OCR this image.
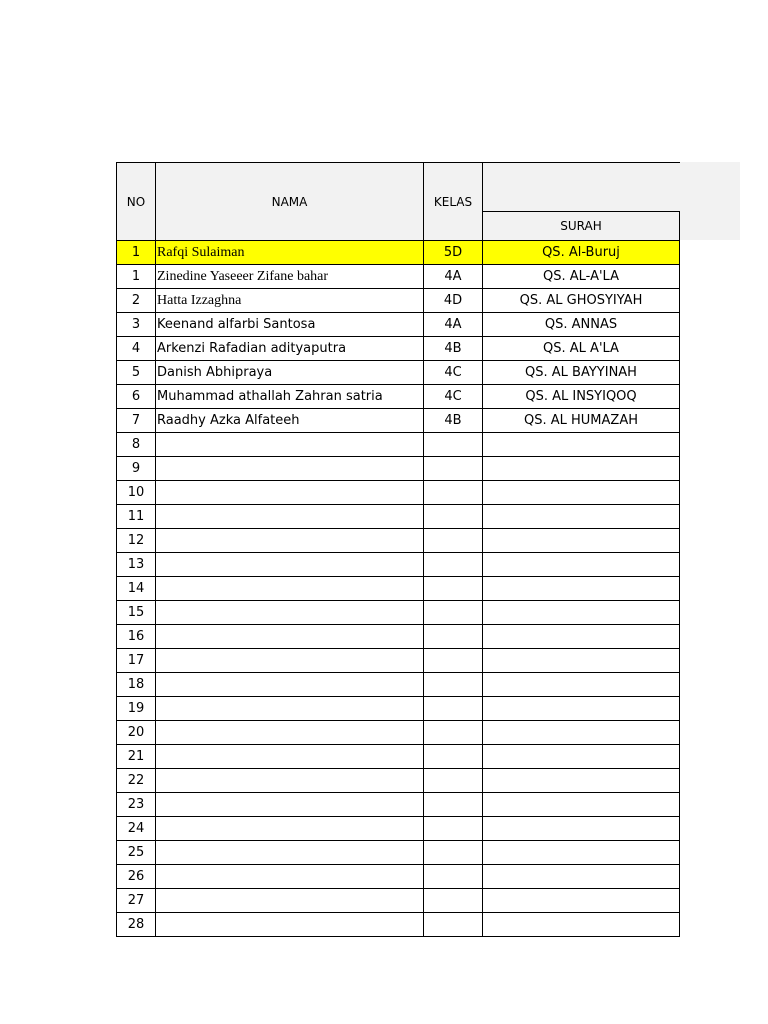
NO	NAMA	KELAS	
			SURAH
1	Rafqi Sulaiman	5D	QS. Al-Buruj
1	Zinedine Yaseeer Zifane bahar	4A	QS. AL-A'LA
2	Hatta Izzaghna	4D	QS. AL GHOSYIYAH
3	Keenand alfarbi Santosa	4A	QS. ANNAS
4	Arkenzi Rafadian adityaputra	4B	QS. AL A'LA
5	Danish Abhipraya	4C	QS. AL BAYYINAH
6	Muhammad athallah Zahran satria	4C	QS. AL INSYIQOQ
7	Raadhy Azka Alfateeh	4B	QS. AL HUMAZAH
8			
9			
10			
11			
12			
13			
14			
15			
16			
17			
18			
19			
20			
21			
22			
23			
24			
25			
26			
27			
28			
